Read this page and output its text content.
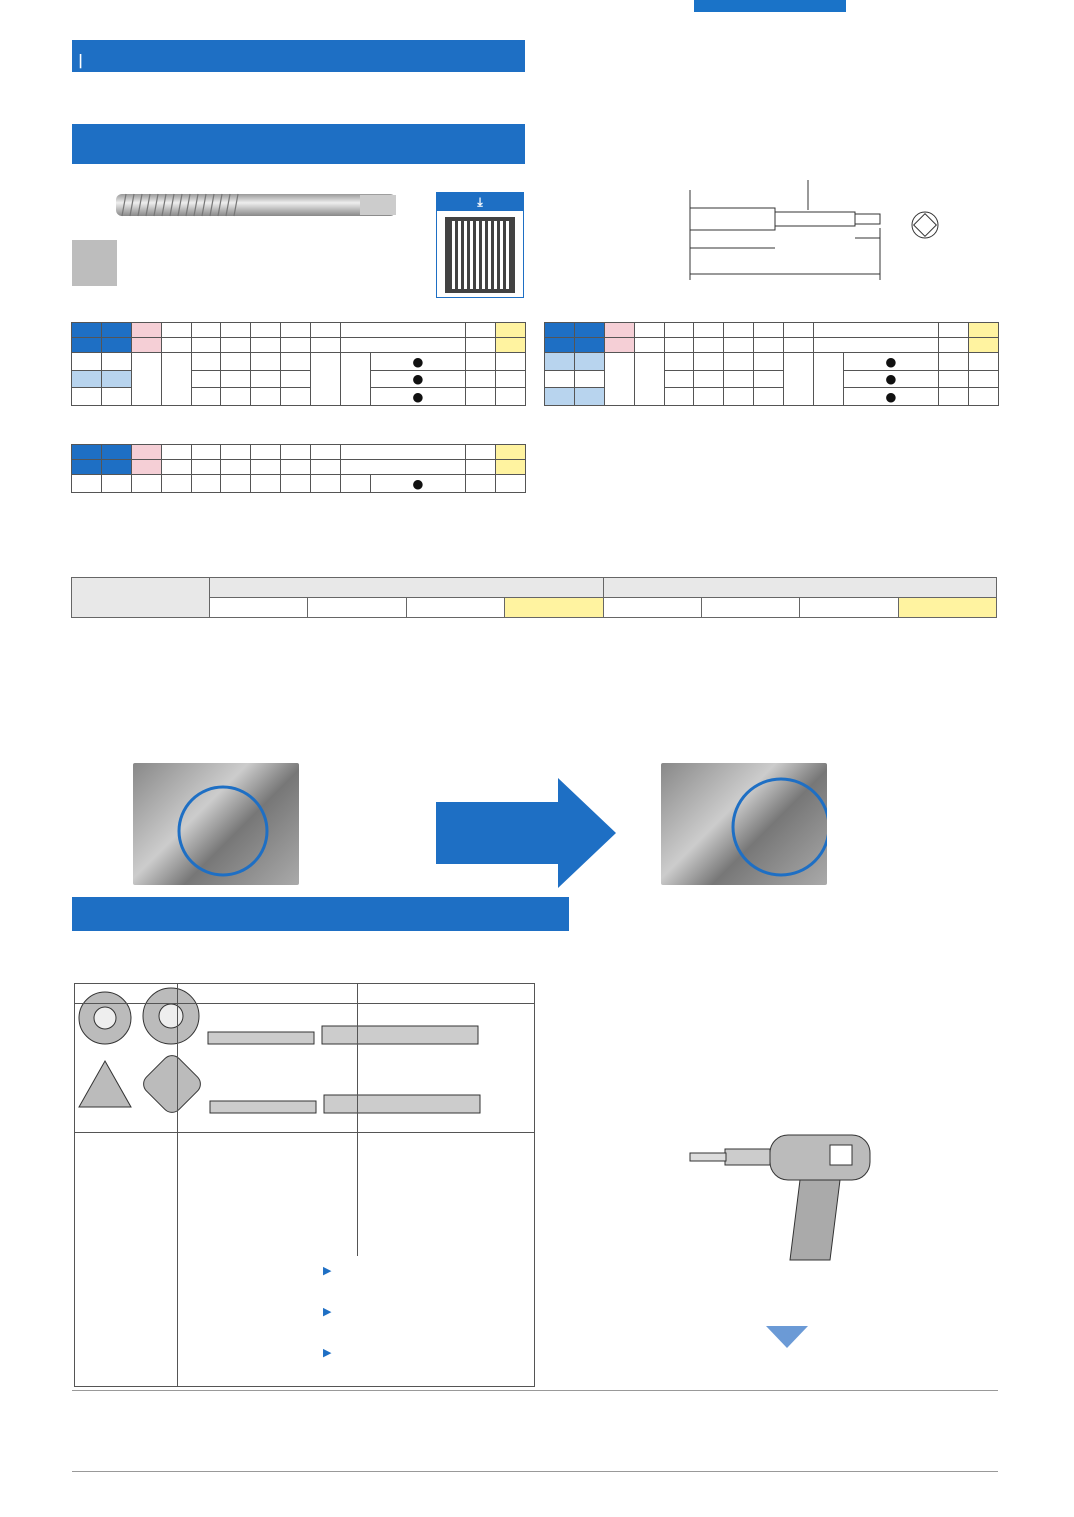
|
⤓

										●		
										●		
										●		

										●		
										●		
										●		

										●		

▶
▶
▶
